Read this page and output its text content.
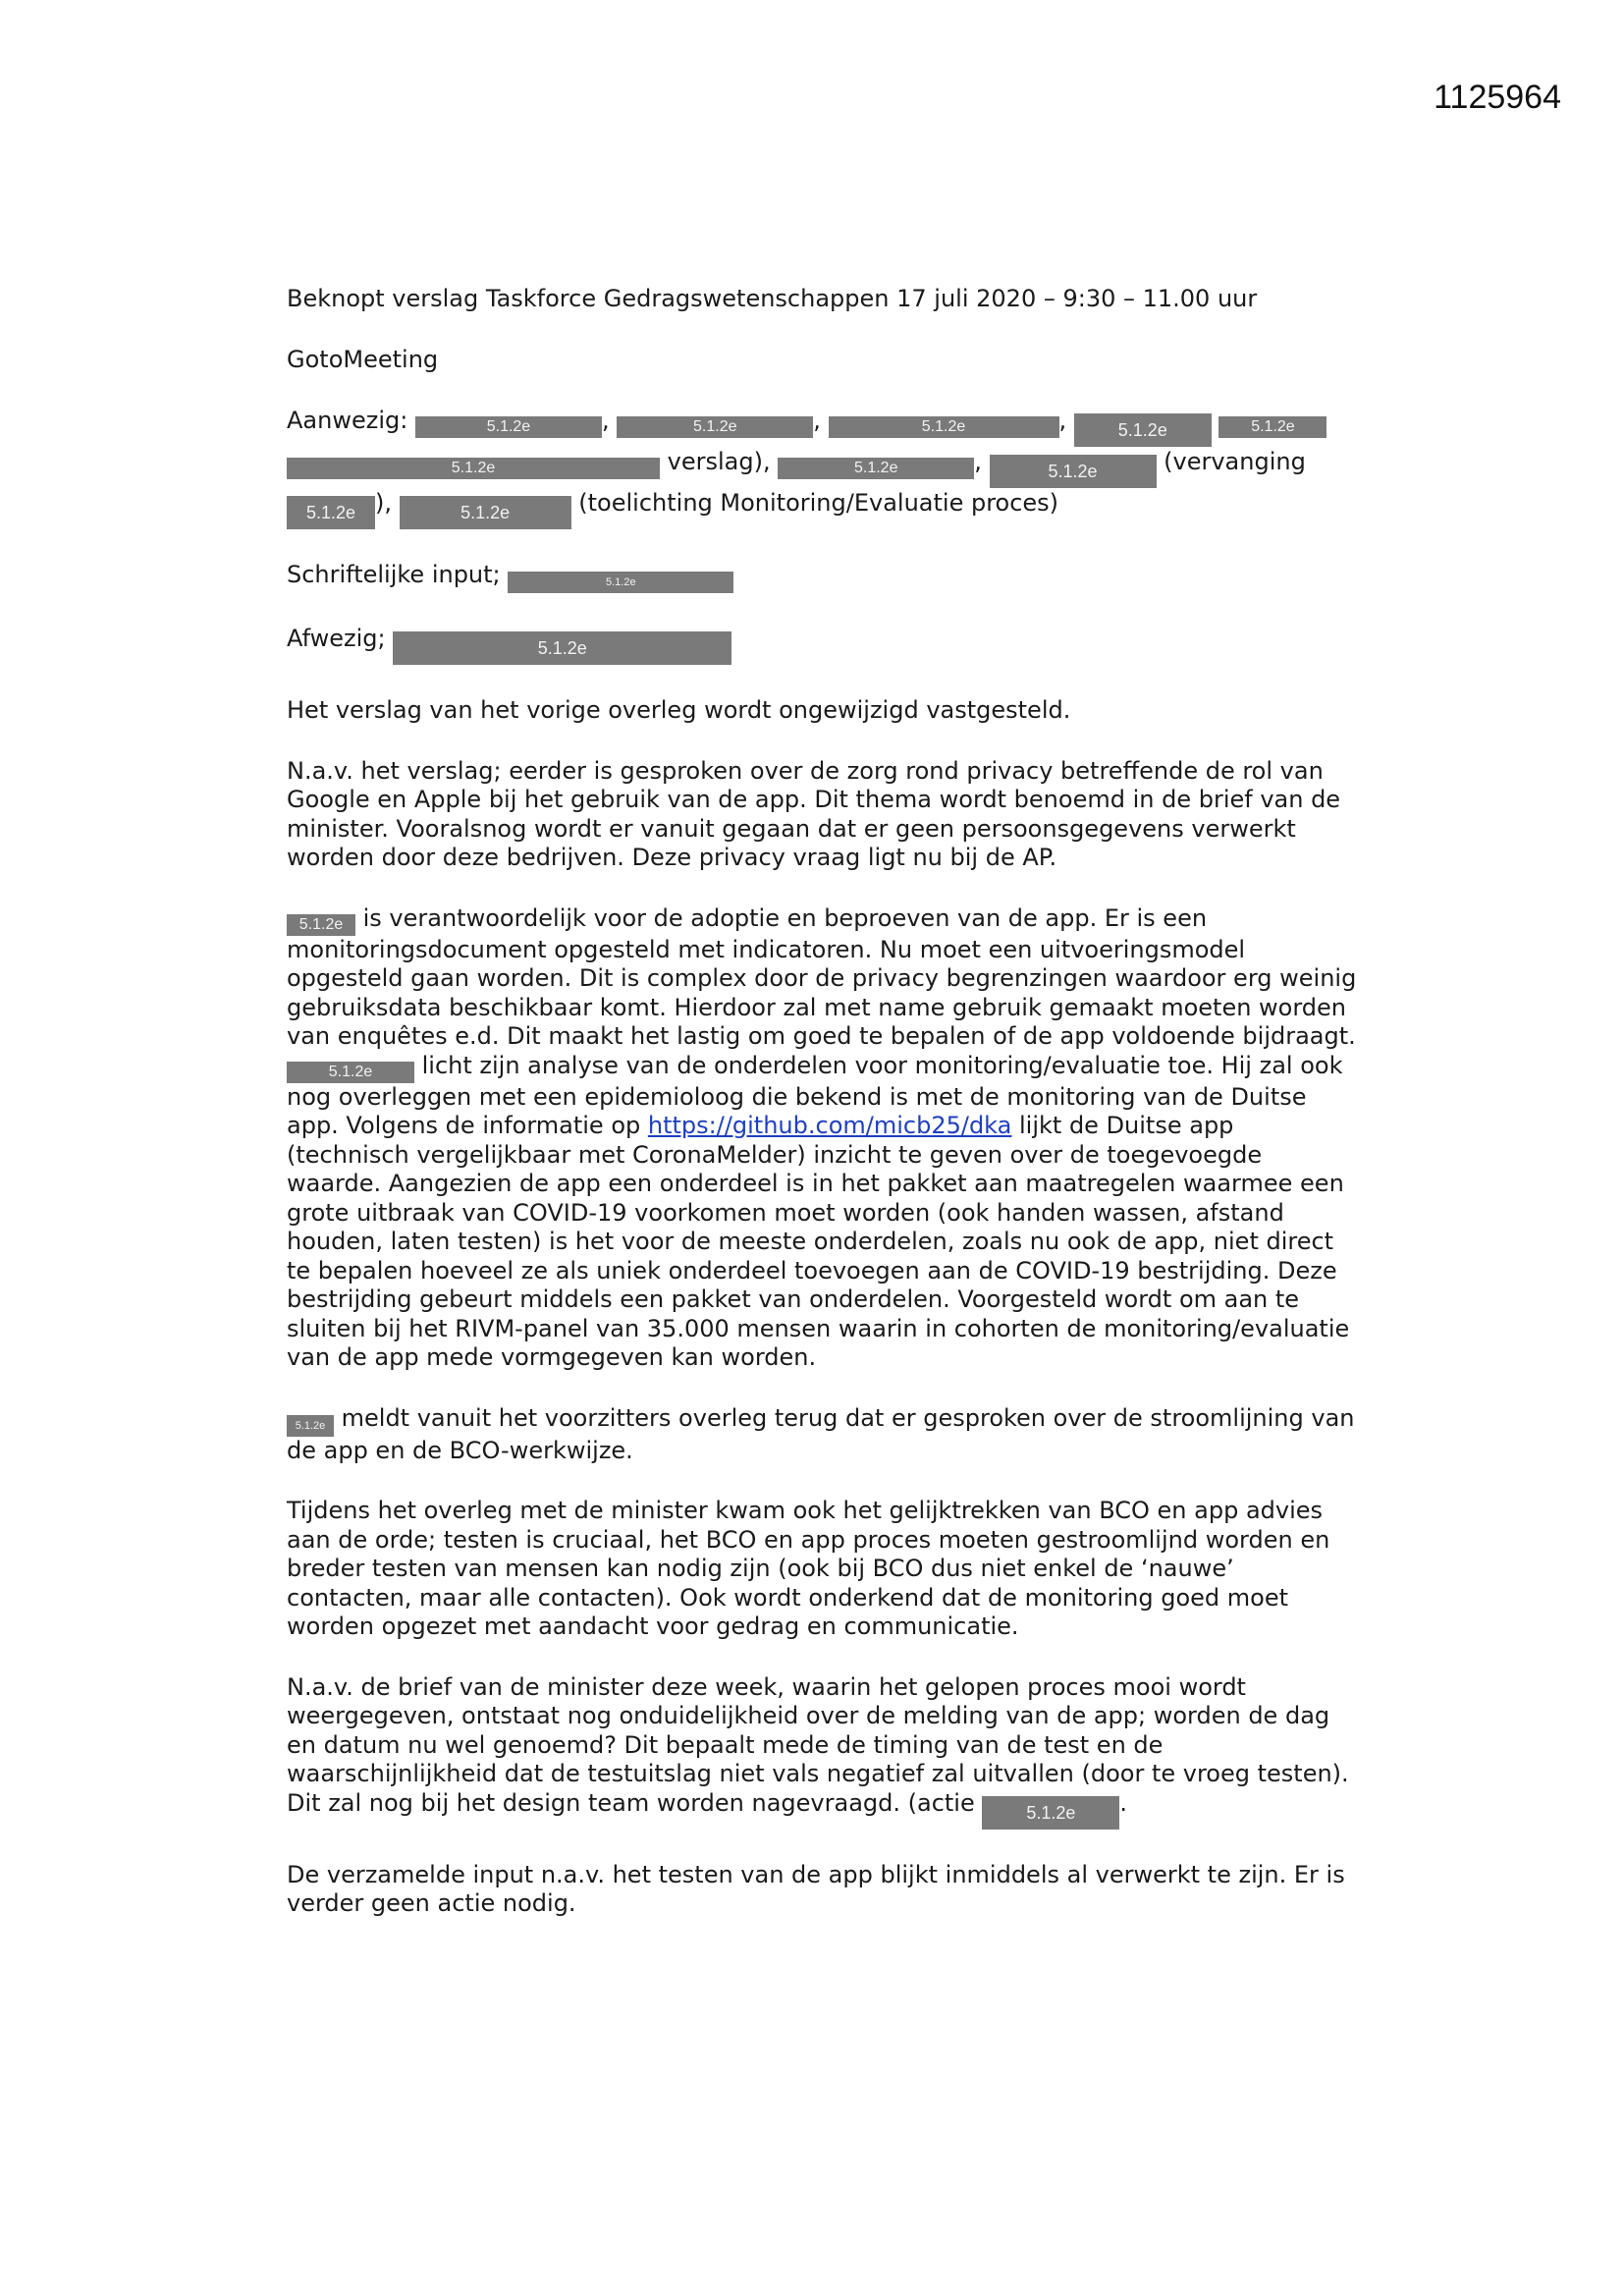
1125964

Beknopt verslag Taskforce Gedragswetenschappen 17 juli 2020 – 9:30 – 11.00 uur

GotoMeeting

Aanwezig:	5.1.2e	,	5.1.2e	,	5.1.2e	,	5.1.2e	5.1.2e 5.1.2e	verslag),	5.1.2e	,	5.1.2e	(vervanging 5.1.2e ),	5.1.2e	(toelichting Monitoring/Evaluatie proces)

Schriftelijke input;	5.1.2e

Afwezig;	5.1.2e

Het verslag van het vorige overleg wordt ongewijzigd vastgesteld.

N.a.v. het verslag; eerder is gesproken over de zorg rond privacy betreffende de rol van Google en Apple bij het gebruik van de app. Dit thema wordt benoemd in de brief van de minister. Vooralsnog wordt er vanuit gegaan dat er geen persoonsgegevens verwerkt worden door deze bedrijven. Deze privacy vraag ligt nu bij de AP.

5.1.2e is verantwoordelijk voor de adoptie en beproeven van de app. Er is een monitoringsdocument opgesteld met indicatoren. Nu moet een uitvoeringsmodel opgesteld gaan worden. Dit is complex door de privacy begrenzingen waardoor erg weinig gebruiksdata beschikbaar komt. Hierdoor zal met name gebruik gemaakt moeten worden van enquêtes e.d. Dit maakt het lastig om goed te bepalen of de app voldoende bijdraagt. 5.1.2e licht zijn analyse van de onderdelen voor monitoring/evaluatie toe. Hij zal ook nog overleggen met een epidemioloog die bekend is met de monitoring van de Duitse app. Volgens de informatie op https://github.com/micb25/dka lijkt de Duitse app (technisch vergelijkbaar met CoronaMelder) inzicht te geven over de toegevoegde waarde. Aangezien de app een onderdeel is in het pakket aan maatregelen waarmee een grote uitbraak van COVID-19 voorkomen moet worden (ook handen wassen, afstand houden, laten testen) is het voor de meeste onderdelen, zoals nu ook de app, niet direct te bepalen hoeveel ze als uniek onderdeel toevoegen aan de COVID-19 bestrijding. Deze bestrijding gebeurt middels een pakket van onderdelen. Voorgesteld wordt om aan te sluiten bij het RIVM-panel van 35.000 mensen waarin in cohorten de monitoring/evaluatie van de app mede vormgegeven kan worden.

5.1.2e meldt vanuit het voorzitters overleg terug dat er gesproken over de stroomlijning van de app en de BCO-werkwijze.

Tijdens het overleg met de minister kwam ook het gelijktrekken van BCO en app advies aan de orde; testen is cruciaal, het BCO en app proces moeten gestroomlijnd worden en breder testen van mensen kan nodig zijn (ook bij BCO dus niet enkel de ‘nauwe’ contacten, maar alle contacten). Ook wordt onderkend dat de monitoring goed moet worden opgezet met aandacht voor gedrag en communicatie.

N.a.v. de brief van de minister deze week, waarin het gelopen proces mooi wordt weergegeven, ontstaat nog onduidelijkheid over de melding van de app; worden de dag en datum nu wel genoemd? Dit bepaalt mede de timing van de test en de waarschijnlijkheid dat de testuitslag niet vals negatief zal uitvallen (door te vroeg testen). Dit zal nog bij het design team worden nagevraagd. (actie 5.1.2e .

De verzamelde input n.a.v. het testen van de app blijkt inmiddels al verwerkt te zijn. Er is verder geen actie nodig.
